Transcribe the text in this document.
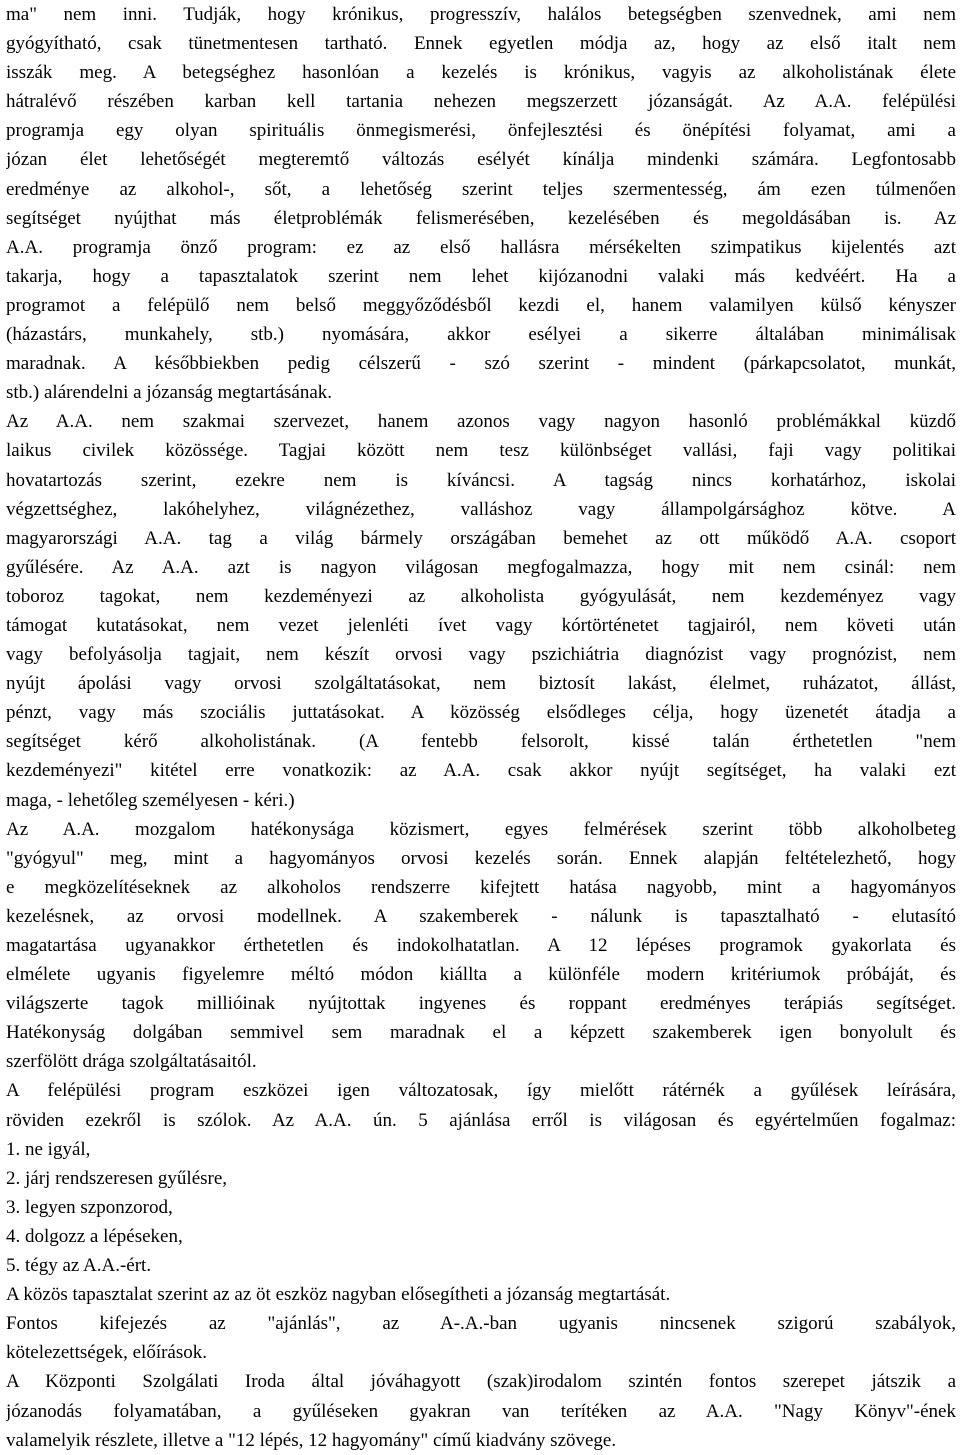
ma" nem inni. Tudják, hogy krónikus, progresszív, halálos betegségben szenvednek, ami nem
gyógyítható, csak tünetmentesen tartható. Ennek egyetlen módja az, hogy az első italt nem
isszák meg. A betegséghez hasonlóan a kezelés is krónikus, vagyis az alkoholistának élete
hátralévő részében karban kell tartania nehezen megszerzett józanságát. Az A.A. felépülési
programja egy olyan spirituális önmegismerési, önfejlesztési és önépítési folyamat, ami a
józan élet lehetőségét megteremtő változás esélyét kínálja mindenki számára. Legfontosabb
eredménye az alkohol-, sőt, a lehetőség szerint teljes szermentesség, ám ezen túlmenően
segítséget nyújthat más életproblémák felismerésében, kezelésében és megoldásában is. Az
A.A. programja önző program: ez az első hallásra mérsékelten szimpatikus kijelentés azt
takarja, hogy a tapasztalatok szerint nem lehet kijózanodni valaki más kedvéért. Ha a
programot a felépülő nem belső meggyőződésből kezdi el, hanem valamilyen külső kényszer
(házastárs, munkahely, stb.) nyomására, akkor esélyei a sikerre általában minimálisak
maradnak. A későbbiekben pedig célszerű - szó szerint - mindent (párkapcsolatot, munkát,
stb.) alárendelni a józanság megtartásának.
Az A.A. nem szakmai szervezet, hanem azonos vagy nagyon hasonló problémákkal küzdő
laikus civilek közössége. Tagjai között nem tesz különbséget vallási, faji vagy politikai
hovatartozás szerint, ezekre nem is kíváncsi. A tagság nincs korhatárhoz, iskolai
végzettséghez, lakóhelyhez, világnézethez, valláshoz vagy állampolgársághoz kötve. A
magyarországi A.A. tag a világ bármely országában bemehet az ott működő A.A. csoport
gyűlésére. Az A.A. azt is nagyon világosan megfogalmazza, hogy mit nem csinál: nem
toboroz tagokat, nem kezdeményezi az alkoholista gyógyulását, nem kezdeményez vagy
támogat kutatásokat, nem vezet jelenléti ívet vagy kórtörténetet tagjairól, nem követi után
vagy befolyásolja tagjait, nem készít orvosi vagy pszichiátria diagnózist vagy prognózist, nem
nyújt ápolási vagy orvosi szolgáltatásokat, nem biztosít lakást, élelmet, ruházatot, állást,
pénzt, vagy más szociális juttatásokat. A közösség elsődleges célja, hogy üzenetét átadja a
segítséget kérő alkoholistának. (A fentebb felsorolt, kissé talán érthetetlen "nem
kezdeményezi" kitétel erre vonatkozik: az A.A. csak akkor nyújt segítséget, ha valaki ezt
maga, - lehetőleg személyesen - kéri.)
Az A.A. mozgalom hatékonysága közismert, egyes felmérések szerint több alkoholbeteg
"gyógyul" meg, mint a hagyományos orvosi kezelés során. Ennek alapján feltételezhető, hogy
e megközelítéseknek az alkoholos rendszerre kifejtett hatása nagyobb, mint a hagyományos
kezelésnek, az orvosi modellnek. A szakemberek - nálunk is tapasztalható - elutasító
magatartása ugyanakkor érthetetlen és indokolhatatlan. A 12 lépéses programok gyakorlata és
elmélete ugyanis figyelemre méltó módon kiállta a különféle modern kritériumok próbáját, és
világszerte tagok millióinak nyújtottak ingyenes és roppant eredményes terápiás segítséget.
Hatékonyság dolgában semmivel sem maradnak el a képzett szakemberek igen bonyolult és
szerfölött drága szolgáltatásaitól.
A felépülési program eszközei igen változatosak, így mielőtt rátérnék a gyűlések leírására,
röviden ezekről is szólok. Az A.A. ún. 5 ajánlása erről is világosan és egyértelműen fogalmaz:
1. ne igyál,
2. járj rendszeresen gyűlésre,
3. legyen szponzorod,
4. dolgozz a lépéseken,
5. tégy az A.A.-ért.
A közös tapasztalat szerint az az öt eszköz nagyban elősegítheti a józanság megtartását.
Fontos kifejezés az "ajánlás", az A-.A.-ban ugyanis nincsenek szigorú szabályok,
kötelezettségek, előírások.
A Központi Szolgálati Iroda által jóváhagyott (szak)irodalom szintén fontos szerepet játszik a
józanodás folyamatában, a gyűléseken gyakran van terítéken az A.A. "Nagy Könyv"-ének
valamelyik részlete, illetve a "12 lépés, 12 hagyomány" című kiadvány szövege.
